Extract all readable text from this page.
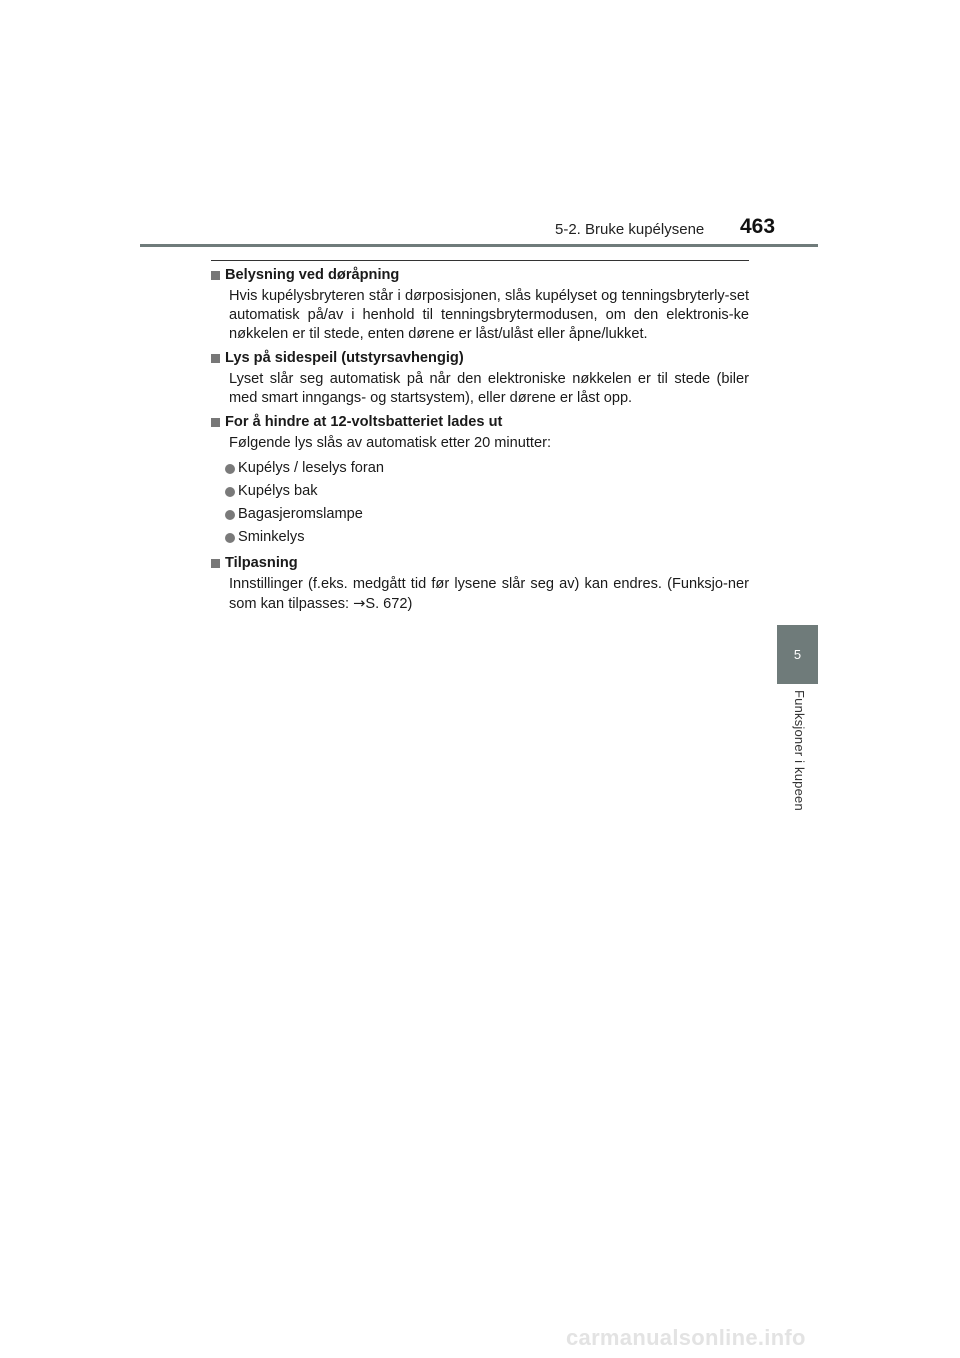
5-2. Bruke kupélysene 463
5
Funksjoner i kupeen
Belysning ved døråpning
Hvis kupélysbryteren står i dørposisjonen, slås kupélyset og tenningsbryterly-set automatisk på/av i henhold til tenningsbrytermodusen, om den elektronis-ke nøkkelen er til stede, enten dørene er låst/ulåst eller åpne/lukket.
Lys på sidespeil (utstyrsavhengig)
Lyset slår seg automatisk på når den elektroniske nøkkelen er til stede (biler med smart inngangs- og startsystem), eller dørene er låst opp.
For å hindre at 12-voltsbatteriet lades ut
Følgende lys slås av automatisk etter 20 minutter:
Kupélys / leselys foran
Kupélys bak
Bagasjeromslampe
Sminkelys
Tilpasning
Innstillinger (f.eks. medgått tid før lysene slår seg av) kan endres. (Funksjo-ner som kan tilpasses: →S. 672)
carmanualsonline.info
